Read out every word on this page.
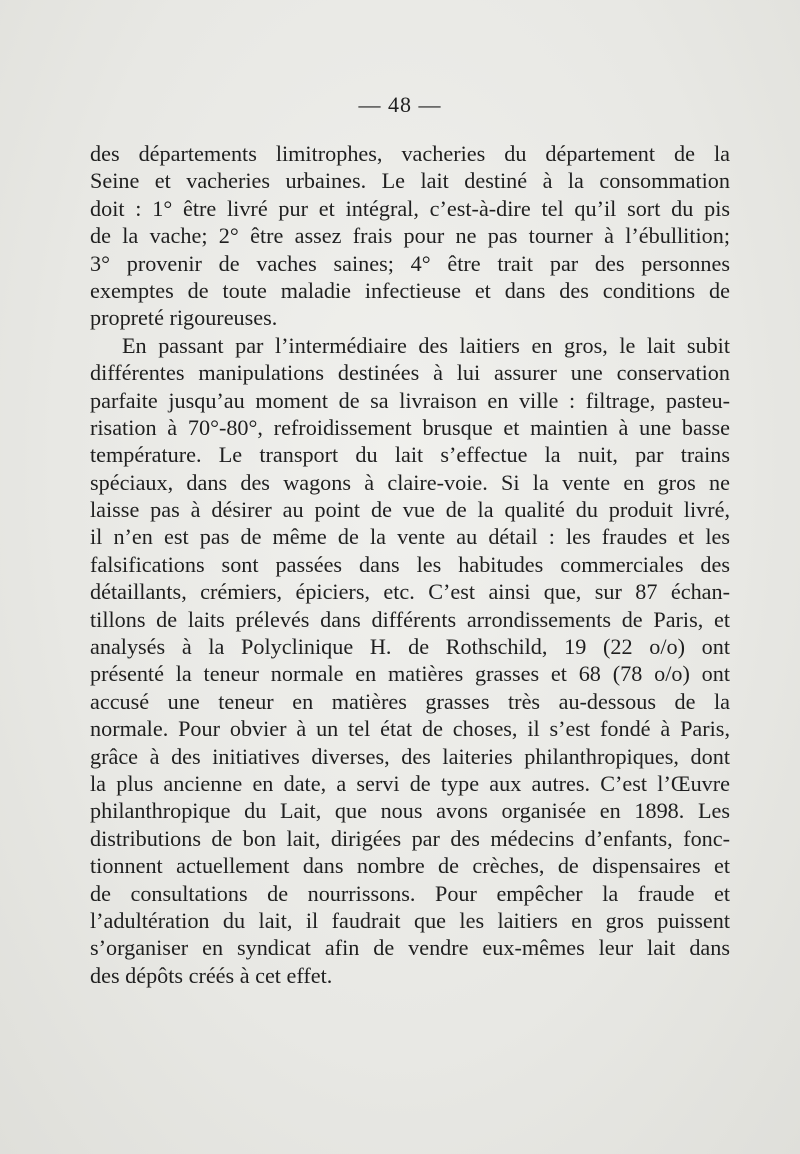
— 48 —
des départements limitrophes, vacheries du département de la
Seine et vacheries urbaines. Le lait destiné à la consommation
doit : 1° être livré pur et intégral, c’est-à-dire tel qu’il sort du pis
de la vache; 2° être assez frais pour ne pas tourner à l’ébullition;
3° provenir de vaches saines; 4° être trait par des personnes
exemptes de toute maladie infectieuse et dans des conditions de
propreté rigoureuses.
En passant par l’intermédiaire des laitiers en gros, le lait subit
différentes manipulations destinées à lui assurer une conservation
parfaite jusqu’au moment de sa livraison en ville : filtrage, pasteu-
risation à 70°-80°, refroidissement brusque et maintien à une basse
température. Le transport du lait s’effectue la nuit, par trains
spéciaux, dans des wagons à claire-voie. Si la vente en gros ne
laisse pas à désirer au point de vue de la qualité du produit livré,
il n’en est pas de même de la vente au détail : les fraudes et les
falsifications sont passées dans les habitudes commerciales des
détaillants, crémiers, épiciers, etc. C’est ainsi que, sur 87 échan-
tillons de laits prélevés dans différents arrondissements de Paris, et
analysés à la Polyclinique H. de Rothschild, 19 (22 o/o) ont
présenté la teneur normale en matières grasses et 68 (78 o/o) ont
accusé une teneur en matières grasses très au-dessous de la
normale. Pour obvier à un tel état de choses, il s’est fondé à Paris,
grâce à des initiatives diverses, des laiteries philanthropiques, dont
la plus ancienne en date, a servi de type aux autres. C’est l’Œuvre
philanthropique du Lait, que nous avons organisée en 1898. Les
distributions de bon lait, dirigées par des médecins d’enfants, fonc-
tionnent actuellement dans nombre de crèches, de dispensaires et
de consultations de nourrissons. Pour empêcher la fraude et
l’adultération du lait, il faudrait que les laitiers en gros puissent
s’organiser en syndicat afin de vendre eux-mêmes leur lait dans
des dépôts créés à cet effet.
